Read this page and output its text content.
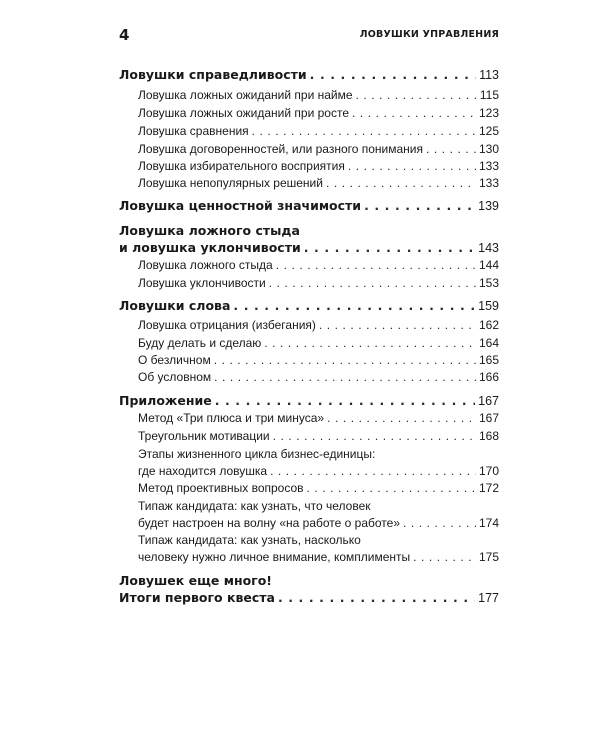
4	ЛОВУШКИ УПРАВЛЕНИЯ
Ловушки справедливости . . .	113
Ловушка ложных ожиданий при найме . . .	115
Ловушка ложных ожиданий при росте . . .	123
Ловушка сравнения . . .	125
Ловушка договоренностей, или разного понимания . . .	130
Ловушка избирательного восприятия . . .	133
Ловушка непопулярных решений . . .	133
Ловушка ценностной значимости . . .	139
Ловушка ложного стыда
и ловушка уклончивости . . .	143
Ловушка ложного стыда . . .	144
Ловушка уклончивости . . .	153
Ловушки слова . . .	159
Ловушка отрицания (избегания) . . .	162
Буду делать и сделаю . . .	164
О безличном . . .	165
Об условном . . .	166
Приложение . . .	167
Метод «Три плюса и три минуса» . . .	167
Треугольник мотивации . . .	168
Этапы жизненного цикла бизнес-единицы:
где находится ловушка . . .	170
Метод проективных вопросов . . .	172
Типаж кандидата: как узнать, что человек
будет настроен на волну «на работе о работе» . . .	174
Типаж кандидата: как узнать, насколько
человеку нужно личное внимание, комплименты . . .	175
Ловушек еще много!
Итоги первого квеста . . .	177
